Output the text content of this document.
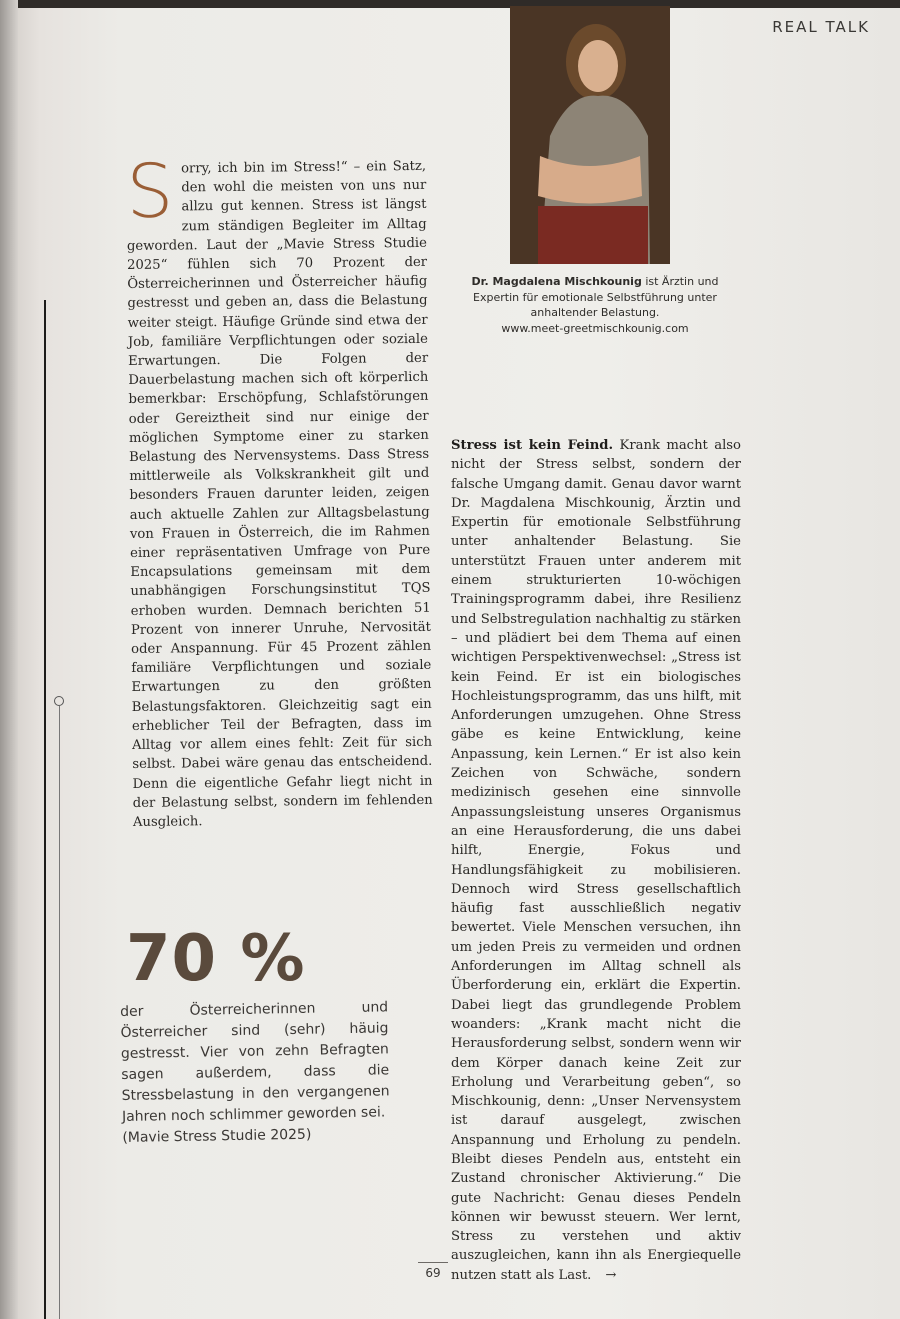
REAL TALK
Dr. Magdalena Mischkounig ist Ärztin und Expertin für emotionale Selbstführung unter anhaltender Belastung.
www.meet-greetmischkounig.com
Sorry, ich bin im Stress!“ – ein Satz, den wohl die meisten von uns nur allzu gut kennen. Stress ist längst zum ständigen Begleiter im Alltag geworden. Laut der „Mavie Stress Studie 2025“ fühlen sich 70 Prozent der Österreicherinnen und Österreicher häufig gestresst und geben an, dass die Belastung weiter steigt. Häufige Gründe sind etwa der Job, familiäre Verpflichtungen oder soziale Erwartungen. Die Folgen der Dauerbelastung machen sich oft körperlich bemerkbar: Erschöpfung, Schlafstörungen oder Gereiztheit sind nur einige der möglichen Symptome einer zu starken Belastung des Nervensystems. Dass Stress mittlerweile als Volkskrankheit gilt und besonders Frauen darunter leiden, zeigen auch aktuelle Zahlen zur Alltagsbelastung von Frauen in Österreich, die im Rahmen einer repräsentativen Umfrage von Pure Encapsulations gemeinsam mit dem unabhängigen Forschungsinstitut TQS erhoben wurden. Demnach berichten 51 Prozent von innerer Unruhe, Nervosität oder Anspannung. Für 45 Prozent zählen familiäre Verpflichtungen und soziale Erwartungen zu den größten Belastungsfaktoren. Gleichzeitig sagt ein erheblicher Teil der Befragten, dass im Alltag vor allem eines fehlt: Zeit für sich selbst. Dabei wäre genau das entscheidend. Denn die eigentliche Gefahr liegt nicht in der Belastung selbst, sondern im fehlenden Ausgleich.
Stress ist kein Feind. Krank macht also nicht der Stress selbst, sondern der falsche Umgang damit. Genau davor warnt Dr. Magdalena Mischkounig, Ärztin und Expertin für emotionale Selbstführung unter anhaltender Belastung. Sie unterstützt Frauen unter anderem mit einem strukturierten 10-wöchigen Trainingsprogramm dabei, ihre Resilienz und Selbstregulation nachhaltig zu stärken – und plädiert bei dem Thema auf einen wichtigen Perspektivenwechsel: „Stress ist kein Feind. Er ist ein biologisches Hochleistungsprogramm, das uns hilft, mit Anforderungen umzugehen. Ohne Stress gäbe es keine Entwicklung, keine Anpassung, kein Lernen.“ Er ist also kein Zeichen von Schwäche, sondern medizinisch gesehen eine sinnvolle Anpassungsleistung unseres Organismus an eine Herausforderung, die uns dabei hilft, Energie, Fokus und Handlungsfähigkeit zu mobilisieren. Dennoch wird Stress gesellschaftlich häufig fast ausschließlich negativ bewertet. Viele Menschen versuchen, ihn um jeden Preis zu vermeiden und ordnen Anforderungen im Alltag schnell als Überforderung ein, erklärt die Expertin. Dabei liegt das grundlegende Problem woanders: „Krank macht nicht die Herausforderung selbst, sondern wenn wir dem Körper danach keine Zeit zur Erholung und Verarbeitung geben“, so Mischkounig, denn: „Unser Nervensystem ist darauf ausgelegt, zwischen Anspannung und Erholung zu pendeln. Bleibt dieses Pendeln aus, entsteht ein Zustand chronischer Aktivierung.“ Die gute Nachricht: Genau dieses Pendeln können wir bewusst steuern. Wer lernt, Stress zu verstehen und aktiv auszugleichen, kann ihn als Energiequelle nutzen statt als Last. →
70 %
der Österreicherinnen und Österreicher sind (sehr) häuig gestresst. Vier von zehn Befragten sagen außerdem, dass die Stressbelastung in den vergangenen Jahren noch schlimmer geworden sei.
(Mavie Stress Studie 2025)
69
